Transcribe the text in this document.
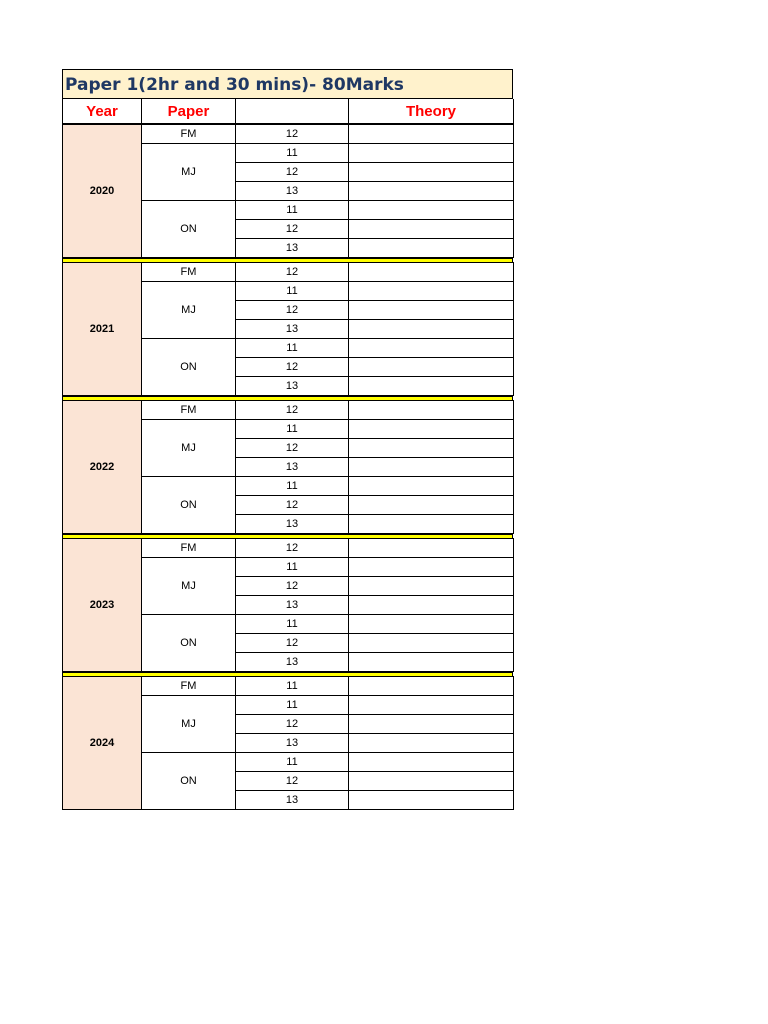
Paper 1(2hr and 30 mins)- 80Marks
Year	Paper		Theory
2020	FM	12	
	MJ	11	
		12	
		13	
	ON	11	
		12	
		13	
2021	FM	12	
	MJ	11	
		12	
		13	
	ON	11	
		12	
		13	
2022	FM	12	
	MJ	11	
		12	
		13	
	ON	11	
		12	
		13	
2023	FM	12	
	MJ	11	
		12	
		13	
	ON	11	
		12	
		13	
2024	FM	11	
	MJ	11	
		12	
		13	
	ON	11	
		12	
		13	
